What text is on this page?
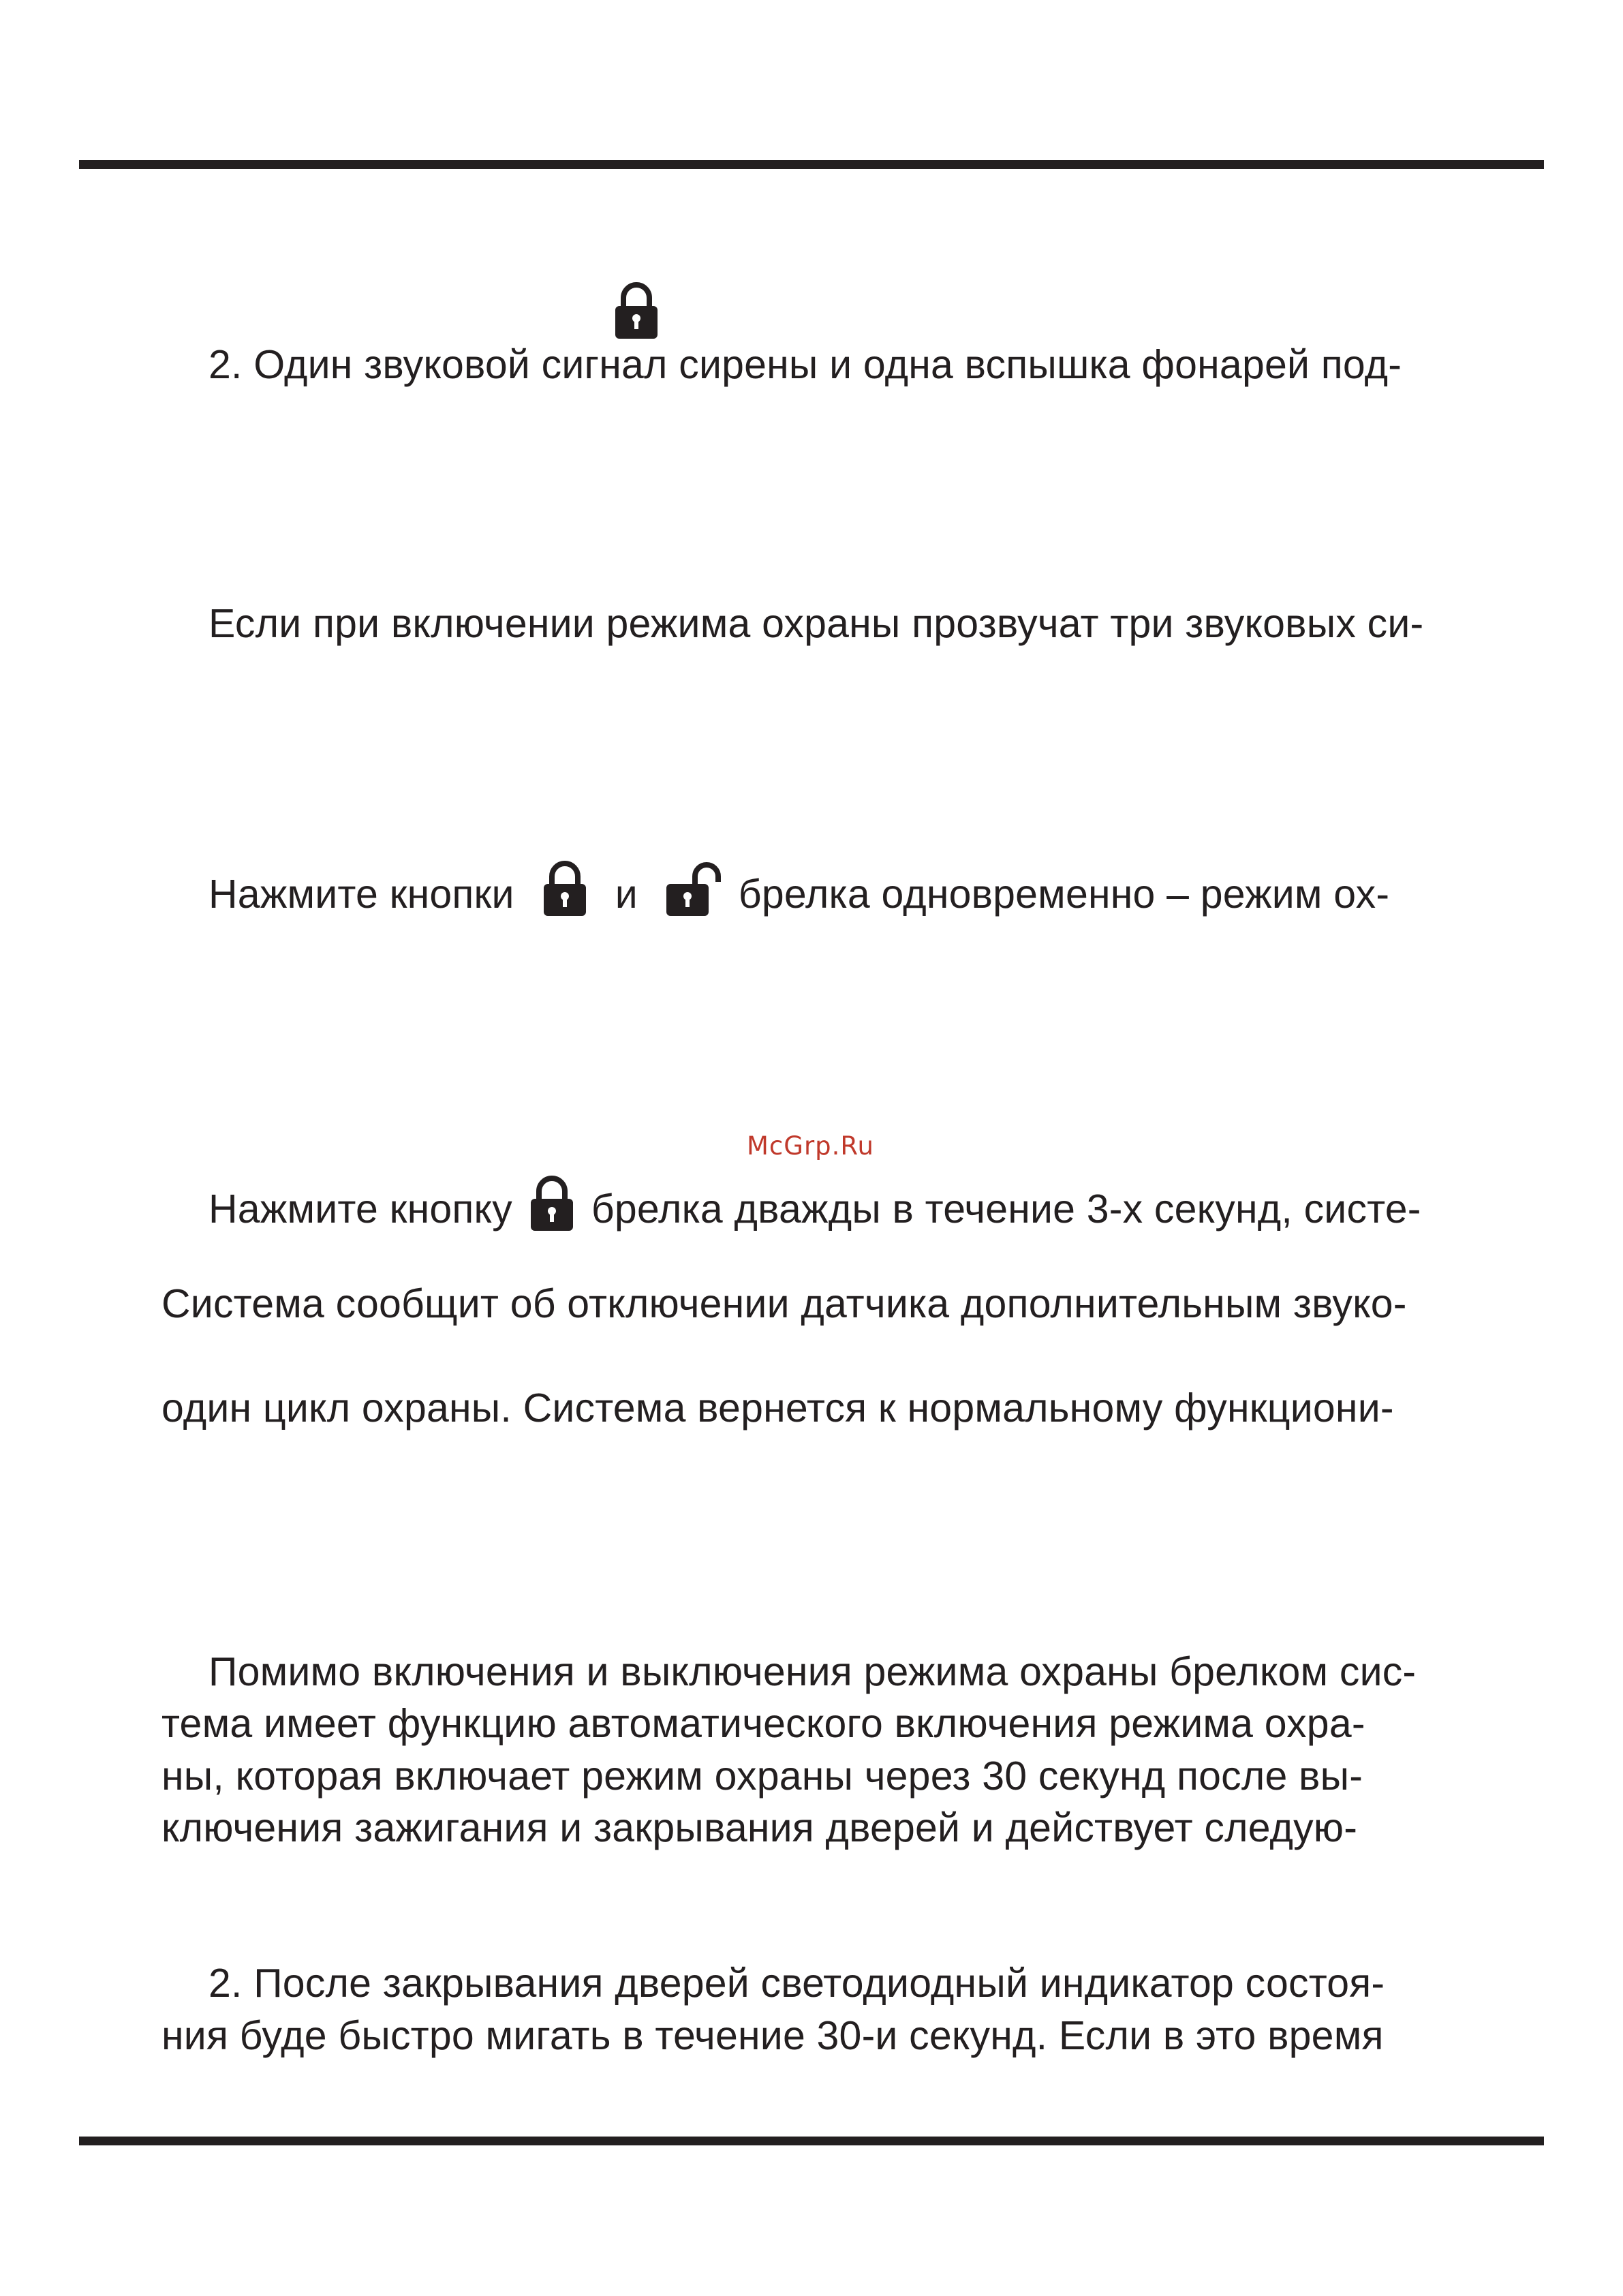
2. Один звуковой сигнал сирены и одна вспышка фонарей под-
Если при включении режима охраны прозвучат три звуковых си-
Нажмите кнопки	и	брелка одновременно – режим ох-
McGrp.Ru
Нажмите кнопку брелка дважды в течение 3-х секунд, систе-
Система сообщит об отключении датчика дополнительным звуко-
один цикл охраны. Система вернется к нормальному функциони-
Помимо включения и выключения режима охраны брелком сис-
тема имеет функцию автоматического включения режима охра-
ны, которая включает режим охраны через 30 секунд после вы-
ключения зажигания и закрывания дверей и действует следую-
2. После закрывания дверей светодиодный индикатор состоя-
ния буде быстро мигать в течение 30-и секунд. Если в это время
